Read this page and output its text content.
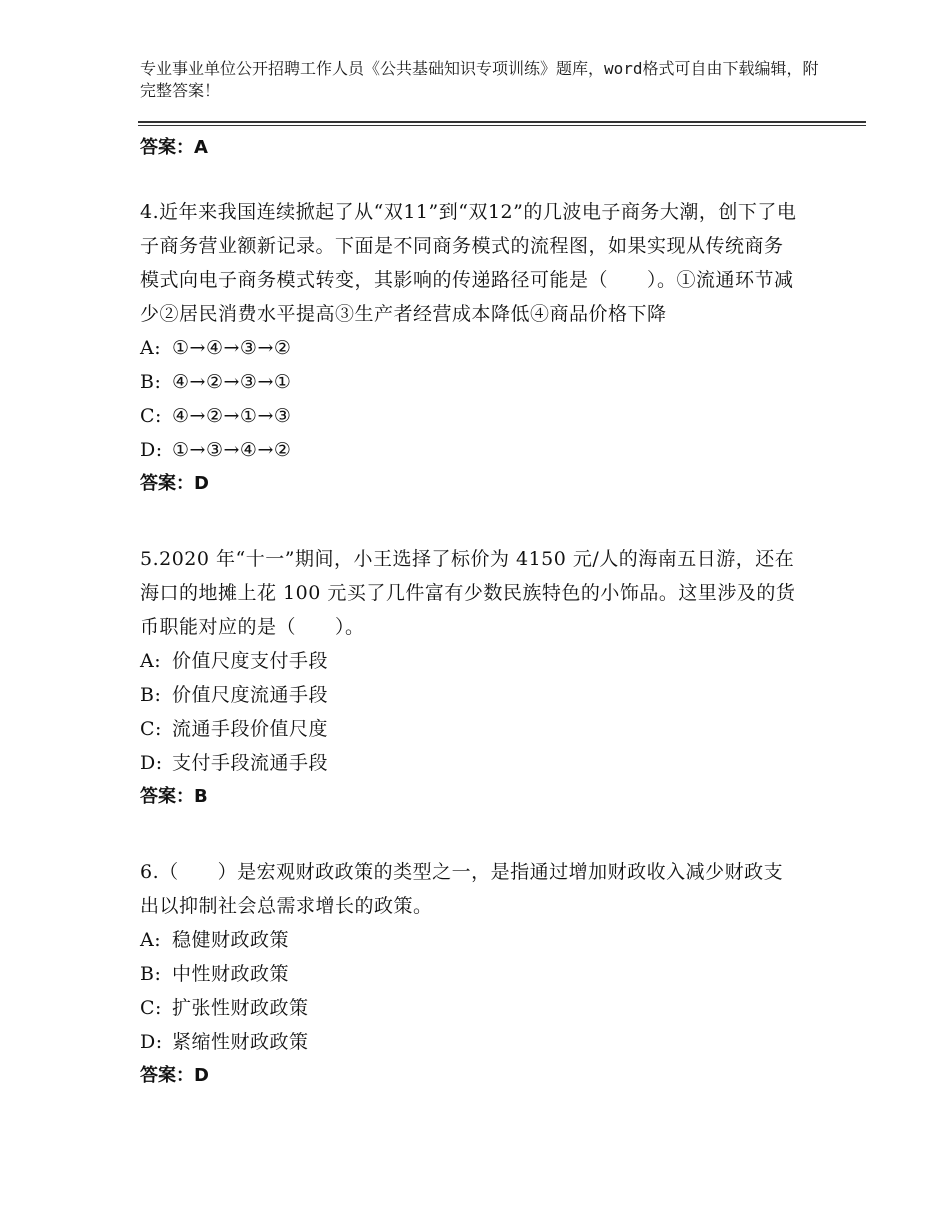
专业事业单位公开招聘工作人员《公共基础知识专项训练》题库，word格式可自由下载编辑，附完整答案！
答案：A

4.近年来我国连续掀起了从“双11”到“双12”的几波电子商务大潮，创下了电子商务营业额新记录。下面是不同商务模式的流程图，如果实现从传统商务模式向电子商务模式转变，其影响的传递路径可能是（　　）。①流通环节减少②居民消费水平提高③生产者经营成本降低④商品价格下降

A: ①→④→③→②
B: ④→②→③→①
C: ④→②→①→③
D: ①→③→④→②
答案：D

5.2020 年“十一”期间，小王选择了标价为 4150 元/人的海南五日游，还在海口的地摊上花 100 元买了几件富有少数民族特色的小饰品。这里涉及的货币职能对应的是（　　）。

A: 价值尺度支付手段
B: 价值尺度流通手段
C: 流通手段价值尺度
D: 支付手段流通手段
答案：B

6.（　　）是宏观财政政策的类型之一，是指通过增加财政收入减少财政支出以抑制社会总需求增长的政策。

A: 稳健财政政策
B: 中性财政政策
C: 扩张性财政政策
D: 紧缩性财政政策
答案：D
